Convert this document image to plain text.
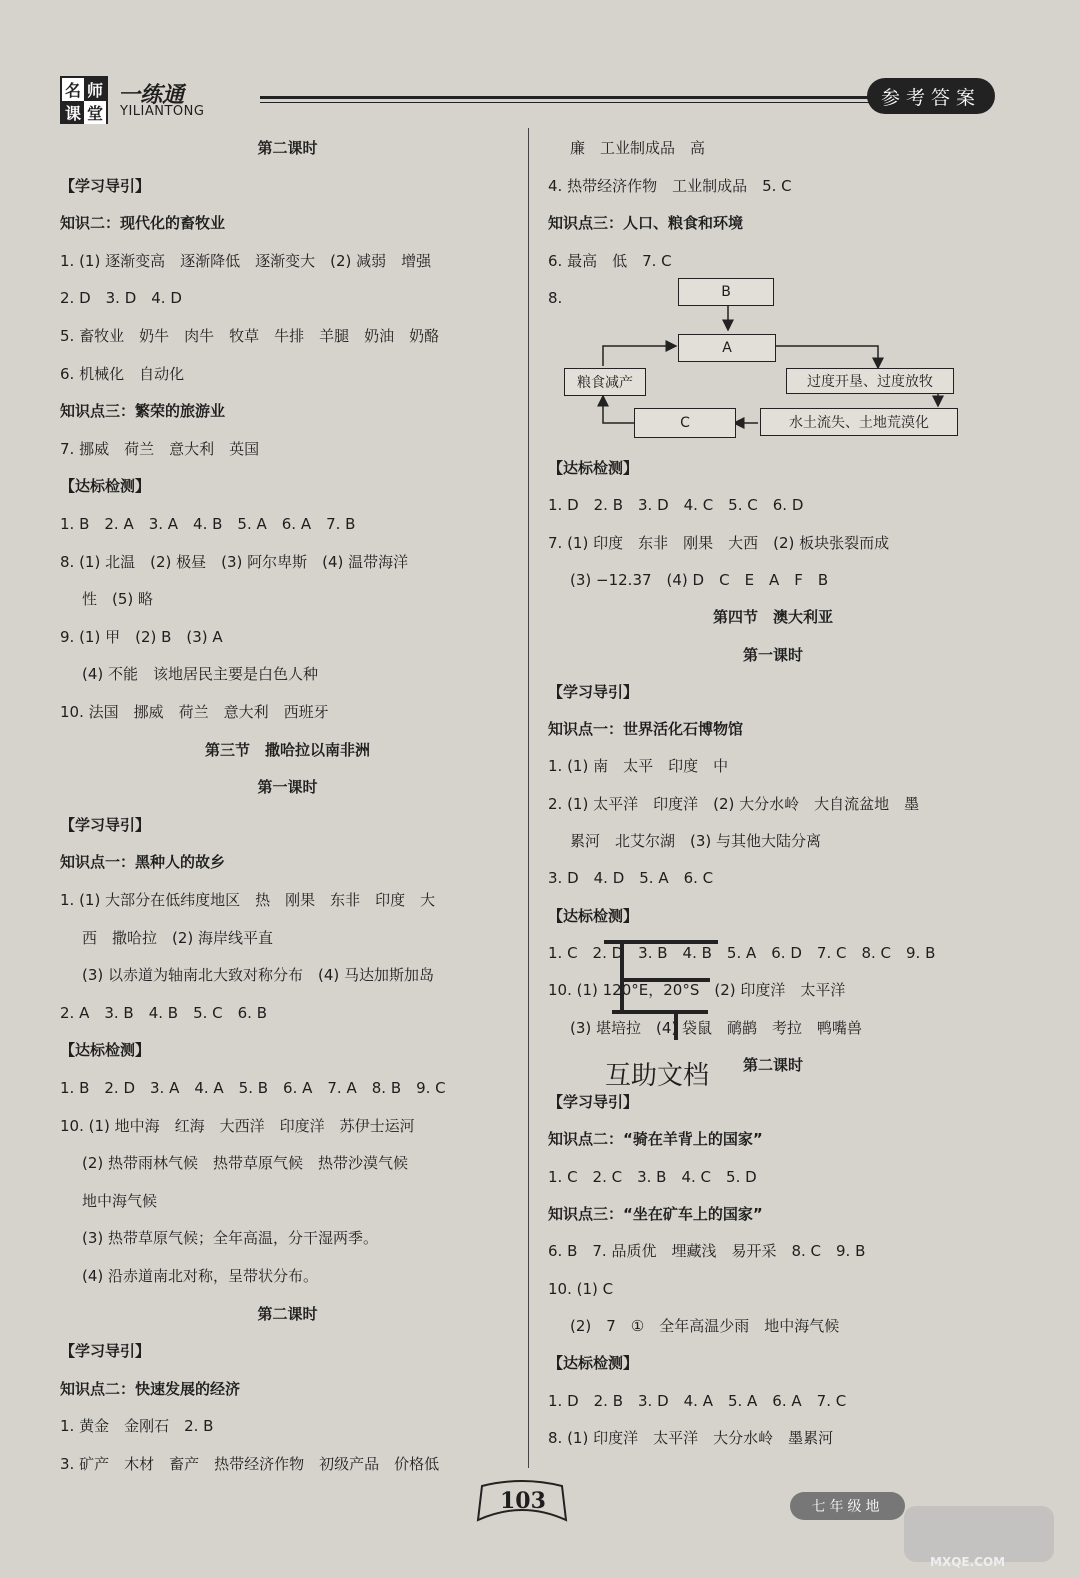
名 师
课 堂
一练通
YILIANTONG
参考答案
第二课时
【学习导引】
知识二：现代化的畜牧业
1. (1) 逐渐变高　逐渐降低　逐渐变大　(2) 减弱　增强
2. D　3. D　4. D
5. 畜牧业　奶牛　肉牛　牧草　牛排　羊腿　奶油　奶酪
6. 机械化　自动化
知识点三：繁荣的旅游业
7. 挪威　荷兰　意大利　英国
【达标检测】
1. B　2. A　3. A　4. B　5. A　6. A　7. B
8. (1) 北温　(2) 极昼　(3) 阿尔卑斯　(4) 温带海洋
性　(5) 略
9. (1) 甲　(2) B　(3) A
(4) 不能　该地居民主要是白色人种
10. 法国　挪威　荷兰　意大利　西班牙
第三节　撒哈拉以南非洲
第一课时
【学习导引】
知识点一：黑种人的故乡
1. (1) 大部分在低纬度地区　热　刚果　东非　印度　大
西　撒哈拉　(2) 海岸线平直
(3) 以赤道为轴南北大致对称分布　(4) 马达加斯加岛
2. A　3. B　4. B　5. C　6. B
【达标检测】
1. B　2. D　3. A　4. A　5. B　6. A　7. A　8. B　9. C
10. (1) 地中海　红海　大西洋　印度洋　苏伊士运河
(2) 热带雨林气候　热带草原气候　热带沙漠气候
地中海气候
(3) 热带草原气候；全年高温，分干湿两季。
(4) 沿赤道南北对称，呈带状分布。
第二课时
【学习导引】
知识点二：快速发展的经济
1. 黄金　金刚石　2. B
3. 矿产　木材　畜产　热带经济作物　初级产品　价格低
廉　工业制成品　高
4. 热带经济作物　工业制成品　5. C
知识点三：人口、粮食和环境
6. 最高　低　7. C
8.	B
A
粮食减产	过度开垦、过度放牧
水土流失、土地荒漠化
C
【达标检测】
1. D　2. B　3. D　4. C　5. C　6. D
7. (1) 印度　东非　刚果　大西　(2) 板块张裂而成
(3) −12.37　(4) D　C　E　A　F　B
第四节　澳大利亚
第一课时
【学习导引】
知识点一：世界活化石博物馆
1. (1) 南　太平　印度　中
2. (1) 太平洋　印度洋　(2) 大分水岭　大自流盆地　墨
累河　北艾尔湖　(3) 与其他大陆分离
3. D　4. D　5. A　6. C
【达标检测】
1. C　2. D　3. B　4. B　5. A　6. D　7. C　8. C　9. B
10. (1) 120°E，20°S　(2) 印度洋　太平洋
(3) 堪培拉　(4) 袋鼠　鸸鹋　考拉　鸭嘴兽
第二课时
【学习导引】
知识点二：“骑在羊背上的国家”
1. C　2. C　3. B　4. C　5. D
知识点三：“坐在矿车上的国家”
6. B　7. 品质优　埋藏浅　易开采　8. C　9. B
10. (1) C
(2)　7　①　全年高温少雨　地中海气候
【达标检测】
1. D　2. B　3. D　4. A　5. A　6. A　7. C
8. (1) 印度洋　太平洋　大分水岭　墨累河
互助文档
103	七年级地
MXQE.COM
